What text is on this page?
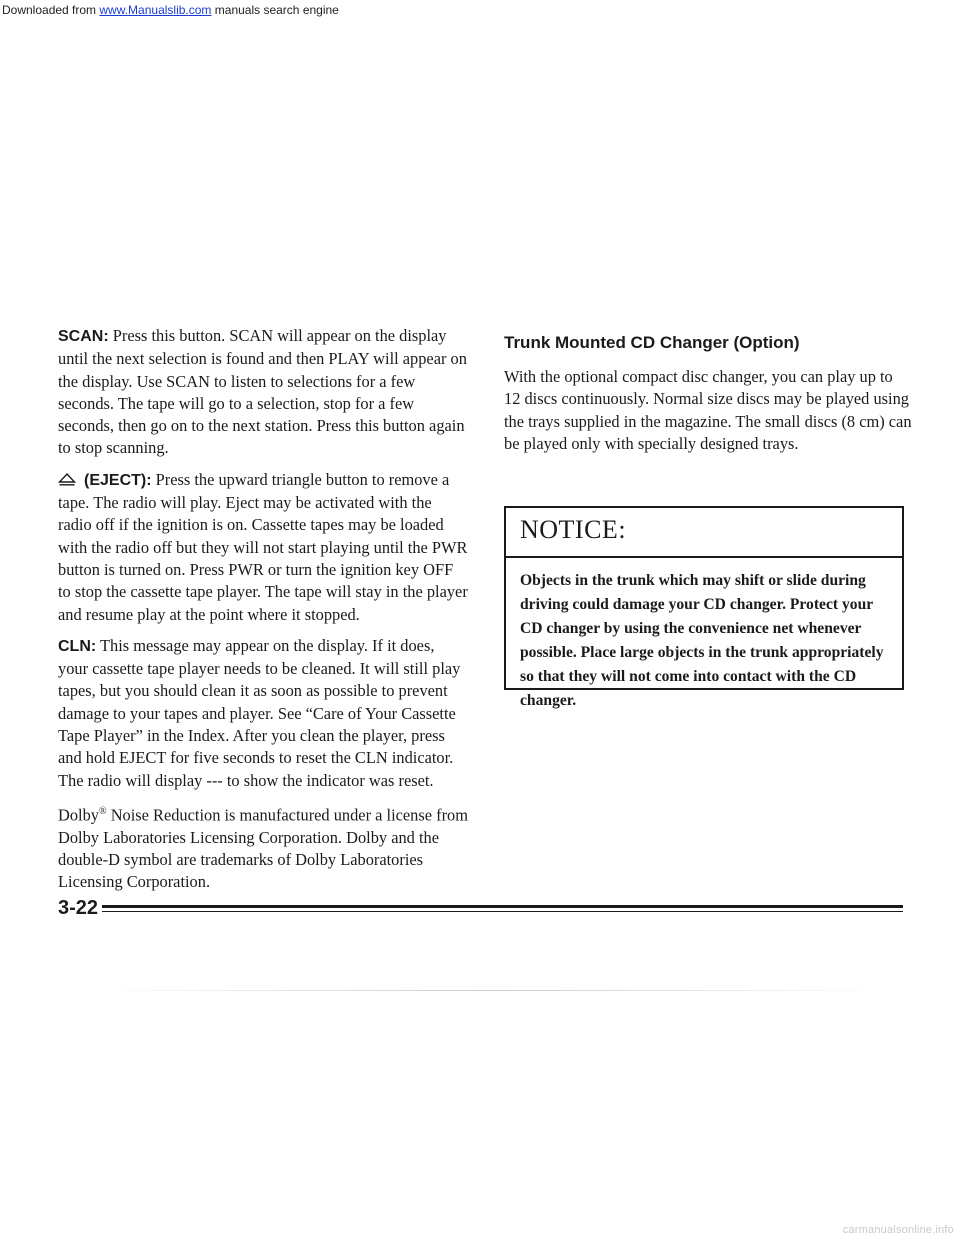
Downloaded from www.Manualslib.com manuals search engine

SCAN: Press this button. SCAN will appear on the display until the next selection is found and then PLAY will appear on the display. Use SCAN to listen to selections for a few seconds. The tape will go to a selection, stop for a few seconds, then go on to the next station. Press this button again to stop scanning.

(EJECT): Press the upward triangle button to remove a tape. The radio will play. Eject may be activated with the radio off if the ignition is on. Cassette tapes may be loaded with the radio off but they will not start playing until the PWR button is turned on. Press PWR or turn the ignition key OFF to stop the cassette tape player. The tape will stay in the player and resume play at the point where it stopped.

CLN: This message may appear on the display. If it does, your cassette tape player needs to be cleaned. It will still play tapes, but you should clean it as soon as possible to prevent damage to your tapes and player. See “Care of Your Cassette Tape Player” in the Index. After you clean the player, press and hold EJECT for five seconds to reset the CLN indicator. The radio will display --- to show the indicator was reset.

Dolby® Noise Reduction is manufactured under a license from Dolby Laboratories Licensing Corporation. Dolby and the double-D symbol are trademarks of Dolby Laboratories Licensing Corporation.

Trunk Mounted CD Changer (Option)

With the optional compact disc changer, you can play up to 12 discs continuously. Normal size discs may be played using the trays supplied in the magazine. The small discs (8 cm) can be played only with specially designed trays.

NOTICE:
Objects in the trunk which may shift or slide during driving could damage your CD changer. Protect your CD changer by using the convenience net whenever possible. Place large objects in the trunk appropriately so that they will not come into contact with the CD changer.
3-22
carmanualsonline.info
